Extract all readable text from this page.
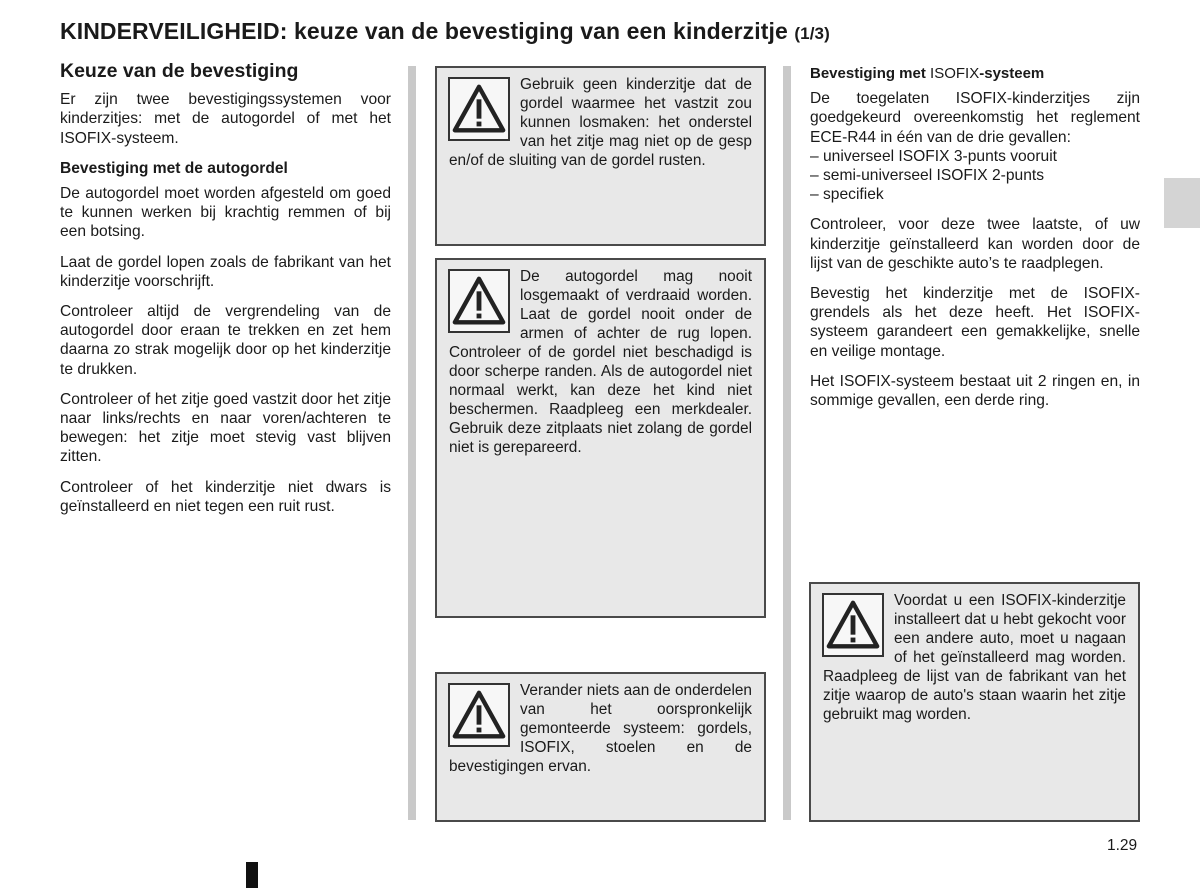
KINDERVEILIGHEID: keuze van de bevestiging van een kinderzitje (1/3)
Keuze van de bevestiging

Er zijn twee bevestigingssystemen voor kinderzitjes: met de autogordel of met het ISOFIX-systeem.

Bevestiging met de autogordel

De autogordel moet worden afgesteld om goed te kunnen werken bij krachtig remmen of bij een botsing.

Laat de gordel lopen zoals de fabrikant van het kinderzitje voorschrijft.

Controleer altijd de vergrendeling van de autogordel door eraan te trekken en zet hem daarna zo strak mogelijk door op het kinderzitje te drukken.

Controleer of het zitje goed vastzit door het zitje naar links/rechts en naar voren/achteren te bewegen: het zitje moet stevig vast blijven zitten.

Controleer of het kinderzitje niet dwars is geïnstalleerd en niet tegen een ruit rust.

Gebruik geen kinderzitje dat de gordel waarmee het vastzit zou kunnen losmaken: het onderstel van het zitje mag niet op de gesp en/of de sluiting van de gordel rusten.
De autogordel mag nooit losgemaakt of verdraaid worden. Laat de gordel nooit onder de armen of achter de rug lopen. Controleer of de gordel niet beschadigd is door scherpe randen. Als de autogordel niet normaal werkt, kan deze het kind niet beschermen. Raadpleeg een merkdealer. Gebruik deze zitplaats niet zolang de gordel niet is gerepareerd.
Verander niets aan de onderdelen van het oorspronkelijk gemonteerde systeem: gordels, ISOFIX, stoelen en de bevestigingen ervan.
Voordat u een ISOFIX-kinderzitje installeert dat u hebt gekocht voor een andere auto, moet u nagaan of het geïnstalleerd mag worden. Raadpleeg de lijst van de fabrikant van het zitje waarop de auto's staan waarin het zitje gebruikt mag worden.
Bevestiging met ISOFIX-systeem

De toegelaten ISOFIX-kinderzitjes zijn goedgekeurd overeenkomstig het reglement ECE-R44 in één van de drie gevallen:

– universeel ISOFIX 3-punts vooruit
– semi-universeel ISOFIX 2-punts
– specifiek

Controleer, voor deze twee laatste, of uw kinderzitje geïnstalleerd kan worden door de lijst van de geschikte auto’s te raadplegen.

Bevestig het kinderzitje met de ISOFIX-grendels als het deze heeft. Het ISOFIX-systeem garandeert een gemakkelijke, snelle en veilige montage.

Het ISOFIX-systeem bestaat uit 2 ringen en, in sommige gevallen, een derde ring.

1.29
